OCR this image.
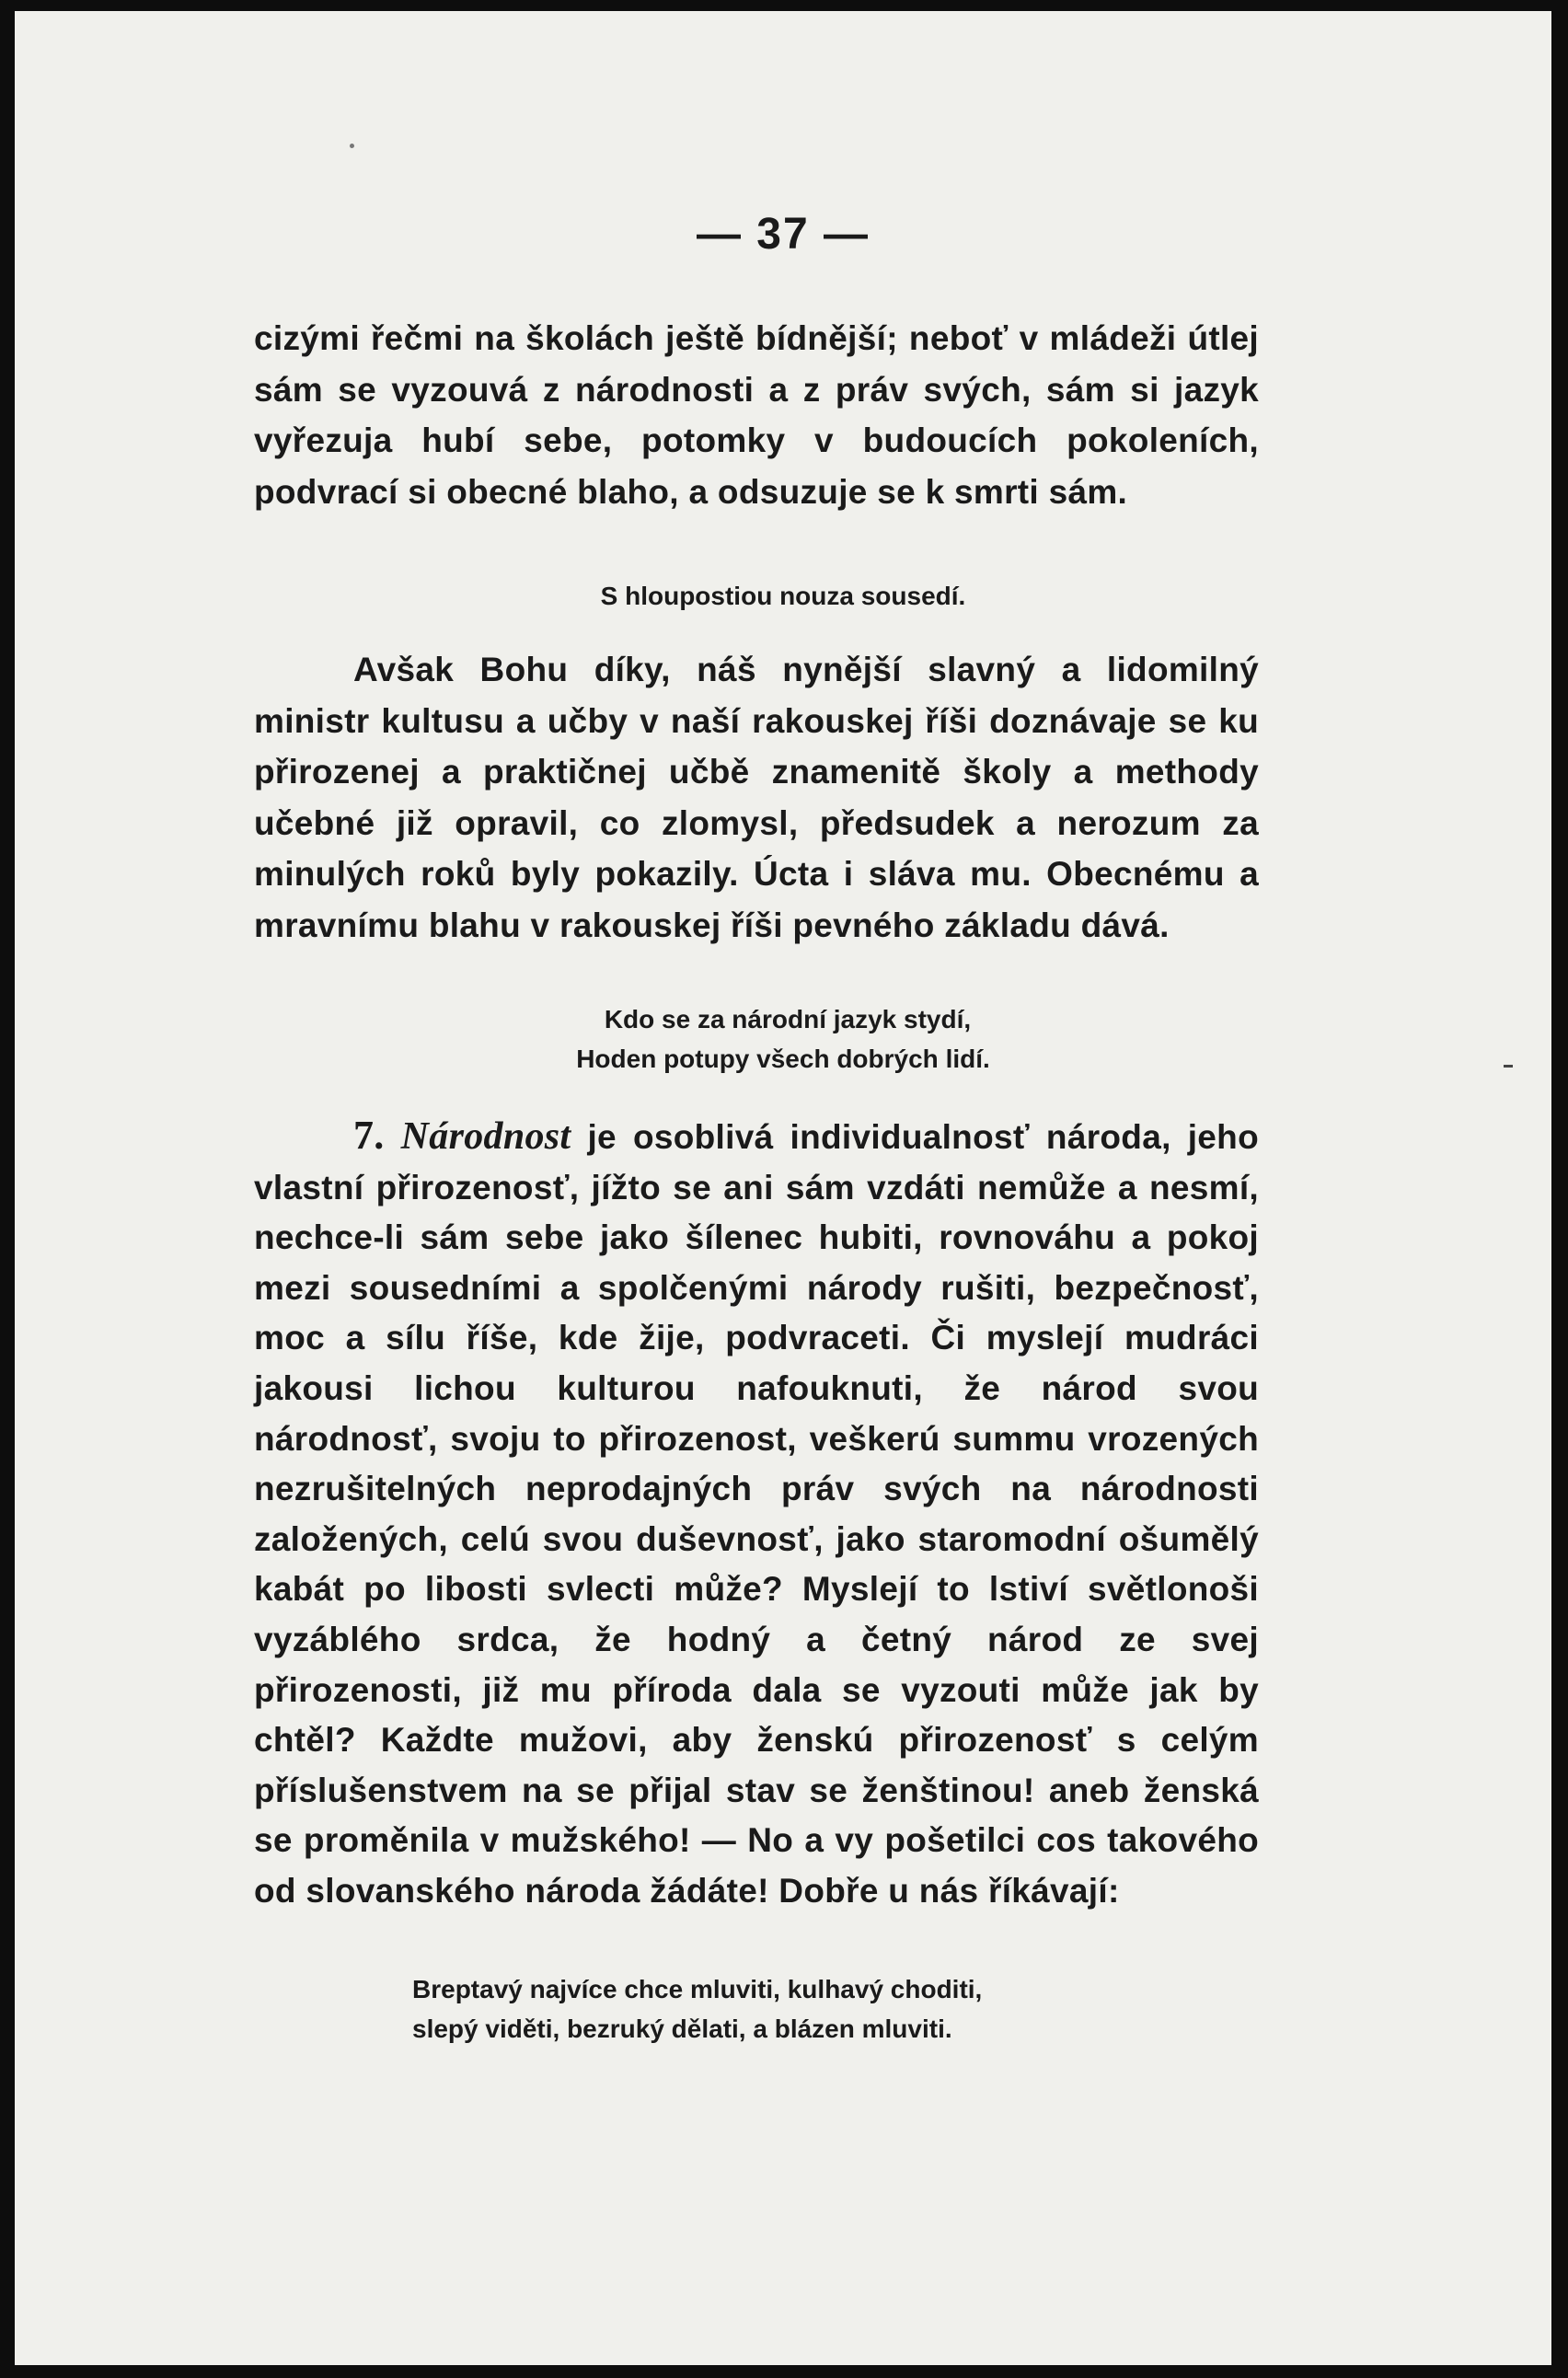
— 37 —
cizými řečmi na školách ještě bídnější; neboť v mládeži útlej sám se vyzouvá z národnosti a z práv svých, sám si jazyk vyřezuja hubí sebe, potomky v budoucích pokoleních, podvrací si obecné blaho, a odsuzuje se k smrti sám.
S hloupostiou nouza sousedí.
Avšak Bohu díky, náš nynější slavný a lidomilný ministr kultusu a učby v naší rakouskej říši doznávaje se ku přirozenej a praktičnej učbě znamenitě školy a methody učebné již opravil, co zlomysl, předsudek a nerozum za minulých roků byly pokazily. Úcta i sláva mu. Obecnému a mravnímu blahu v rakouskej říši pevného základu dává.
Kdo se za národní jazyk stydí,
Hoden potupy všech dobrých lidí.
7. Národnost je osoblivá individualnosť národa, jeho vlastní přirozenosť, jížto se ani sám vzdáti nemůže a nesmí, nechce-li sám sebe jako šílenec hubiti, rovnováhu a pokoj mezi sousedními a spolčenými národy rušiti, bezpečnosť, moc a sílu říše, kde žije, podvraceti. Či myslejí mudráci jakousi lichou kulturou nafouknuti, že národ svou národnosť, svoju to přirozenost, veškerú summu vrozených nezrušitelných neprodajných práv svých na národnosti založených, celú svou duševnosť, jako staromodní ošumělý kabát po libosti svlecti může? Myslejí to lstiví světlonoši vyzáblého srdca, že hodný a četný národ ze svej přirozenosti, již mu příroda dala se vyzouti může jak by chtěl? Každte mužovi, aby ženskú přirozenosť s celým příslušenstvem na se přijal stav se ženštinou! aneb ženská se proměnila v mužského! — No a vy pošetilci cos takového od slovanského národa žádáte! Dobře u nás říkávají:
Breptavý najvíce chce mluviti, kulhavý choditi,
slepý viděti, bezruký dělati, a blázen mluviti.
